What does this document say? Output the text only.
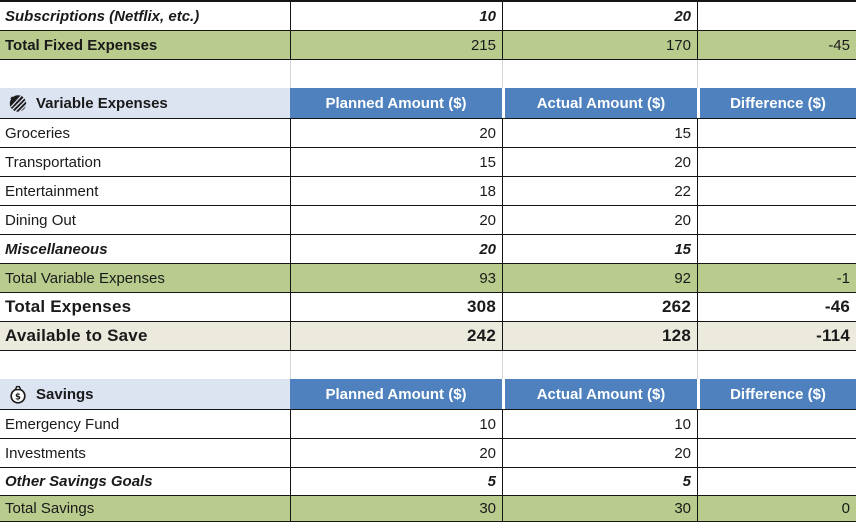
Subscriptions (Netflix, etc.)	10	20
Total Fixed Expenses	215	170	-45
Variable Expenses	Planned Amount ($)	Actual Amount ($)	Difference ($)
Groceries	20	15
Transportation	15	20
Entertainment	18	22
Dining Out	20	20
Miscellaneous	20	15
Total Variable Expenses	93	92	-1
Total Expenses	308	262	-46
Available to Save	242	128	-114
$ Savings	Planned Amount ($)	Actual Amount ($)	Difference ($)
Emergency Fund	10	10
Investments	20	20
Other Savings Goals	5	5
Total Savings	30	30	0
